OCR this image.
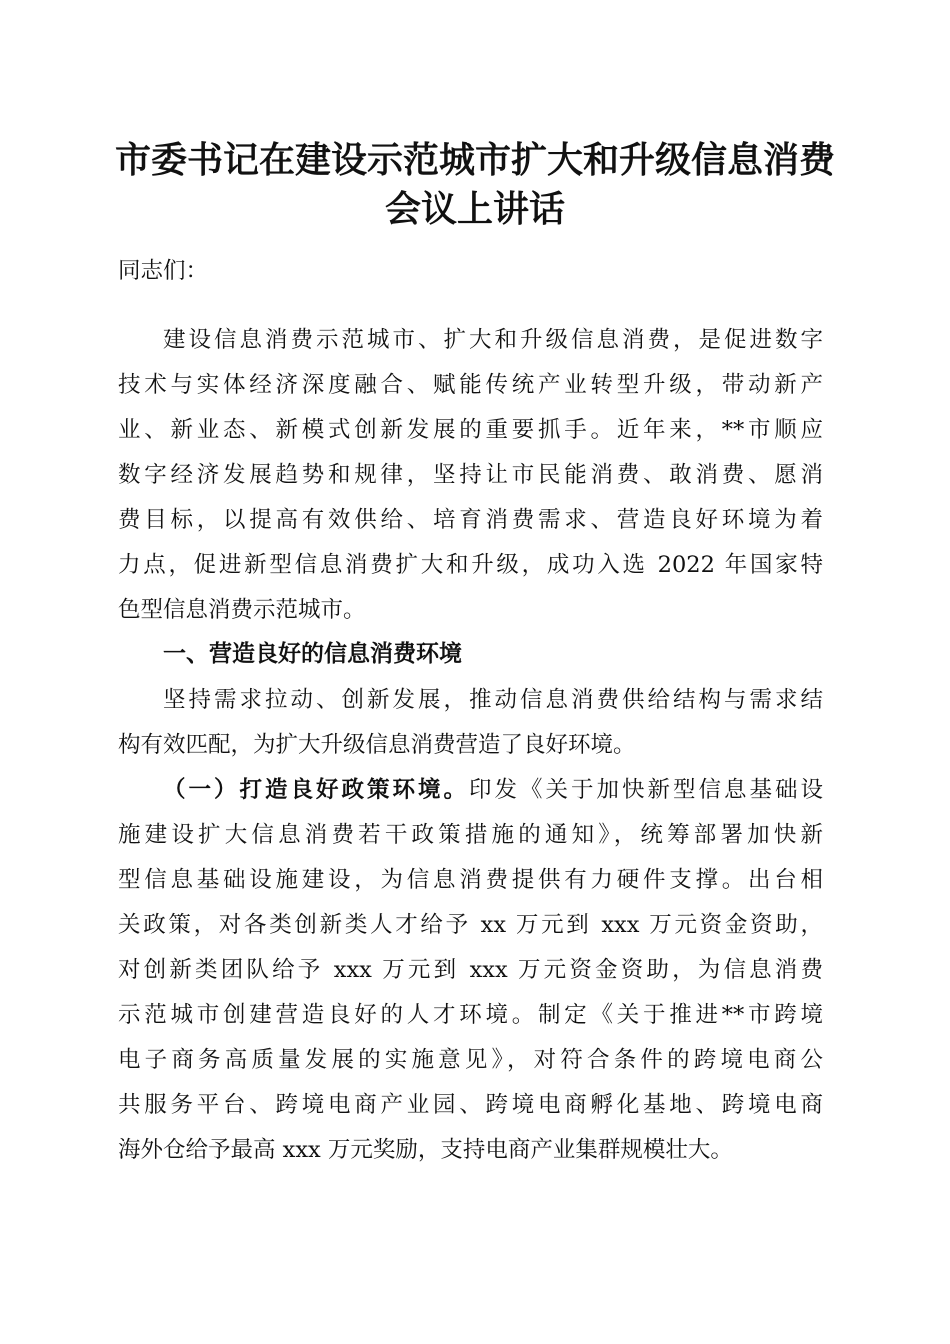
市委书记在建设示范城市扩大和升级信息消费
会议上讲话
同志们：
建设信息消费示范城市、扩大和升级信息消费，是促进数字
技术与实体经济深度融合、赋能传统产业转型升级，带动新产
业、新业态、新模式创新发展的重要抓手。近年来，**市顺应
数字经济发展趋势和规律，坚持让市民能消费、敢消费、愿消
费目标，以提高有效供给、培育消费需求、营造良好环境为着
力点，促进新型信息消费扩大和升级，成功入选 2022 年国家特
色型信息消费示范城市。
一、营造良好的信息消费环境
坚持需求拉动、创新发展，推动信息消费供给结构与需求结
构有效匹配，为扩大升级信息消费营造了良好环境。
（一）打造良好政策环境。印发《关于加快新型信息基础设
施建设扩大信息消费若干政策措施的通知》，统筹部署加快新
型信息基础设施建设，为信息消费提供有力硬件支撑。出台相
关政策，对各类创新类人才给予 xx 万元到 xxx 万元资金资助，
对创新类团队给予 xxx 万元到 xxx 万元资金资助，为信息消费
示范城市创建营造良好的人才环境。制定《关于推进**市跨境
电子商务高质量发展的实施意见》，对符合条件的跨境电商公
共服务平台、跨境电商产业园、跨境电商孵化基地、跨境电商
海外仓给予最高 xxx 万元奖励，支持电商产业集群规模壮大。
